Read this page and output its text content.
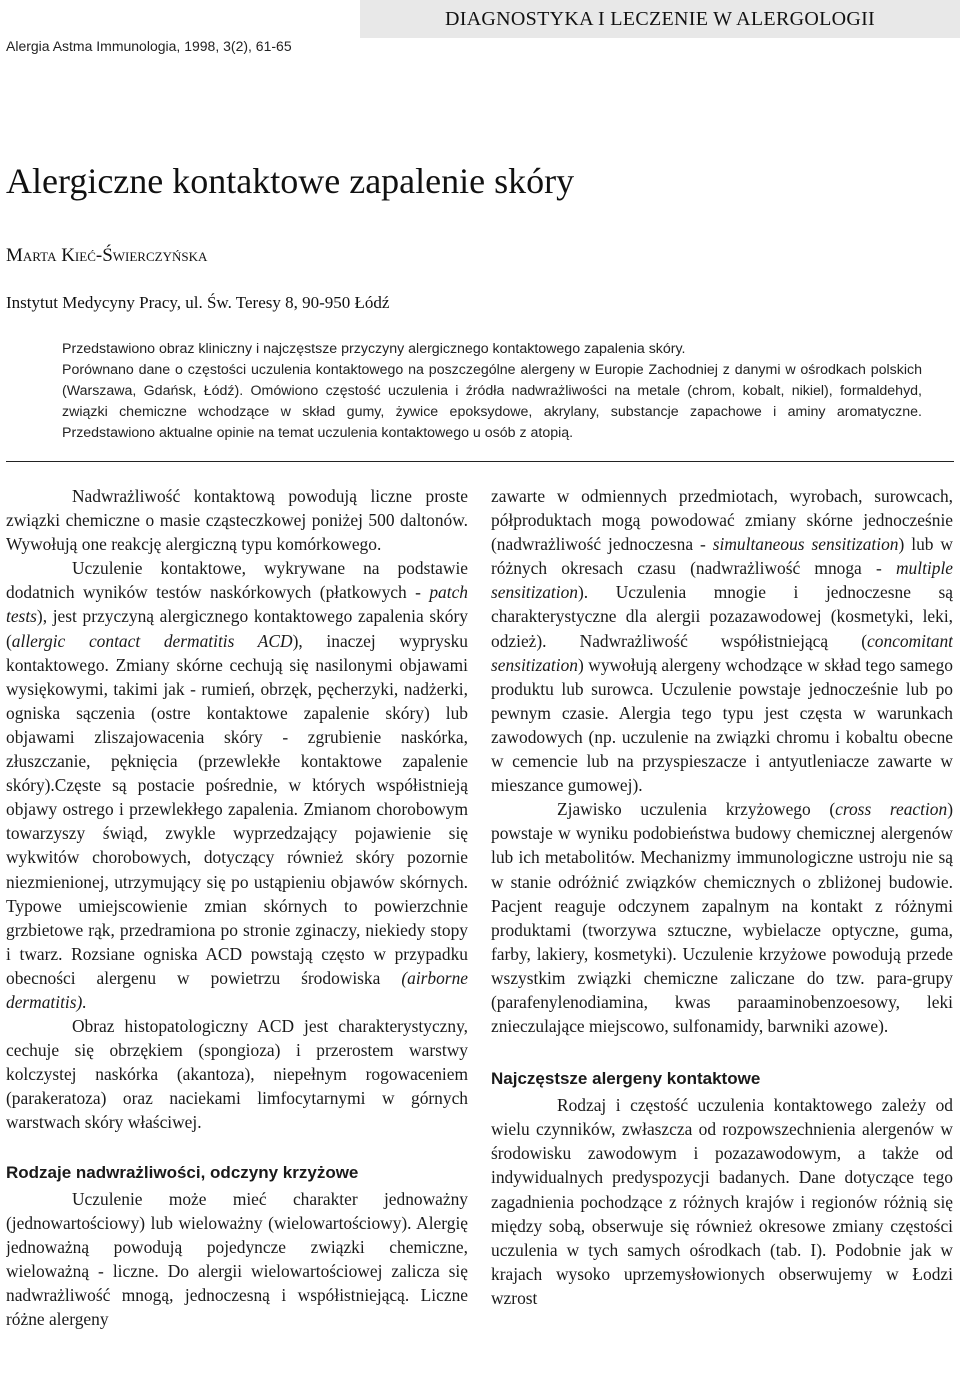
DIAGNOSTYKA I LECZENIE W ALERGOLOGII
Alergia Astma Immunologia, 1998, 3(2), 61-65
Alergiczne kontaktowe zapalenie skóry
Marta Kieć-Świerczyńska
Instytut Medycyny Pracy, ul. Św. Teresy 8, 90-950 Łódź

Przedstawiono obraz kliniczny i najczęstsze przyczyny alergicznego kontaktowego zapalenia skóry.

Porównano dane o częstości uczulenia kontaktowego na poszczególne alergeny w Europie Zachodniej z danymi w ośrodkach polskich (Warszawa, Gdańsk, Łódź). Omówiono częstość uczulenia i źródła nadwrażliwości na metale (chrom, kobalt, nikiel), formaldehyd, związki chemiczne wchodzące w skład gumy, żywice epoksydowe, akrylany, substancje zapachowe i aminy aromatyczne. Przedstawiono aktualne opinie na temat uczulenia kontaktowego u osób z atopią.

Nadwrażliwość kontaktową powodują liczne proste związki chemiczne o masie cząsteczkowej poniżej 500 daltonów. Wywołują one reakcję alergiczną typu komórkowego.

Uczulenie kontaktowe, wykrywane na podstawie dodatnich wyników testów naskórkowych (płatkowych - patch tests), jest przyczyną alergicznego kontaktowego zapalenia skóry (allergic contact dermatitis ACD), inaczej wyprysku kontaktowego. Zmiany skórne cechują się nasilonymi objawami wysiękowymi, takimi jak - rumień, obrzęk, pęcherzyki, nadżerki, ogniska sączenia (ostre kontaktowe zapalenie skóry) lub objawami zliszajowacenia skóry - zgrubienie naskórka, złuszczanie, pęknięcia (przewlekłe kontaktowe zapalenie skóry).Częste są postacie pośrednie, w których współistnieją objawy ostrego i przewlekłego zapalenia. Zmianom chorobowym towarzyszy świąd, zwykle wyprzedzający pojawienie się wykwitów chorobowych, dotyczący również skóry pozornie niezmienionej, utrzymujący się po ustąpieniu objawów skórnych. Typowe umiejscowienie zmian skórnych to powierzchnie grzbietowe rąk, przedramiona po stronie zginaczy, niekiedy stopy i twarz. Rozsiane ogniska ACD powstają często w przypadku obecności alergenu w powietrzu środowiska (airborne dermatitis).

Obraz histopatologiczny ACD jest charakterystyczny, cechuje się obrzękiem (spongioza) i przerostem warstwy kolczystej naskórka (akantoza), niepełnym rogowaceniem (parakeratoza) oraz naciekami limfocytarnymi w górnych warstwach skóry właściwej.

Rodzaje nadwrażliwości, odczyny krzyżowe

Uczulenie może mieć charakter jednoważny (jednowartościowy) lub wieloważny (wielowartościowy). Alergię jednoważną powodują pojedyncze związki chemiczne, wieloważną - liczne. Do alergii wielowartościowej zalicza się nadwrażliwość mnogą, jednoczesną i współistniejącą. Liczne różne alergeny

zawarte w odmiennych przedmiotach, wyrobach, surowcach, półproduktach mogą powodować zmiany skórne jednocześnie (nadwrażliwość jednoczesna - simultaneous sensitization) lub w różnych okresach czasu (nadwrażliwość mnoga - multiple sensitization). Uczulenia mnogie i jednoczesne są charakterystyczne dla alergii pozazawodowej (kosmetyki, leki, odzież). Nadwrażliwość współistniejącą (concomitant sensitization) wywołują alergeny wchodzące w skład tego samego produktu lub surowca. Uczulenie powstaje jednocześnie lub po pewnym czasie. Alergia tego typu jest częsta w warunkach zawodowych (np. uczulenie na związki chromu i kobaltu obecne w cemencie lub na przyspieszacze i antyutleniacze zawarte w mieszance gumowej).

Zjawisko uczulenia krzyżowego (cross reaction) powstaje w wyniku podobieństwa budowy chemicznej alergenów lub ich metabolitów. Mechanizmy immunologiczne ustroju nie są w stanie odróżnić związków chemicznych o zbliżonej budowie. Pacjent reaguje odczynem zapalnym na kontakt z różnymi produktami (tworzywa sztuczne, wybielacze optyczne, guma, farby, lakiery, kosmetyki). Uczulenie krzyżowe powodują przede wszystkim związki chemiczne zaliczane do tzw. para-grupy (parafenylenodiamina, kwas paraaminobenzoesowy, leki znieczulające miejscowo, sulfonamidy, barwniki azowe).

Najczęstsze alergeny kontaktowe

Rodzaj i częstość uczulenia kontaktowego zależy od wielu czynników, zwłaszcza od rozpowszechnienia alergenów w środowisku zawodowym i pozazawodowym, a także od indywidualnych predyspozycji badanych. Dane dotyczące tego zagadnienia pochodzące z różnych krajów i regionów różnią się między sobą, obserwuje się również okresowe zmiany częstości uczulenia w tych samych ośrodkach (tab. I). Podobnie jak w krajach wysoko uprzemysłowionych obserwujemy w Łodzi wzrost
